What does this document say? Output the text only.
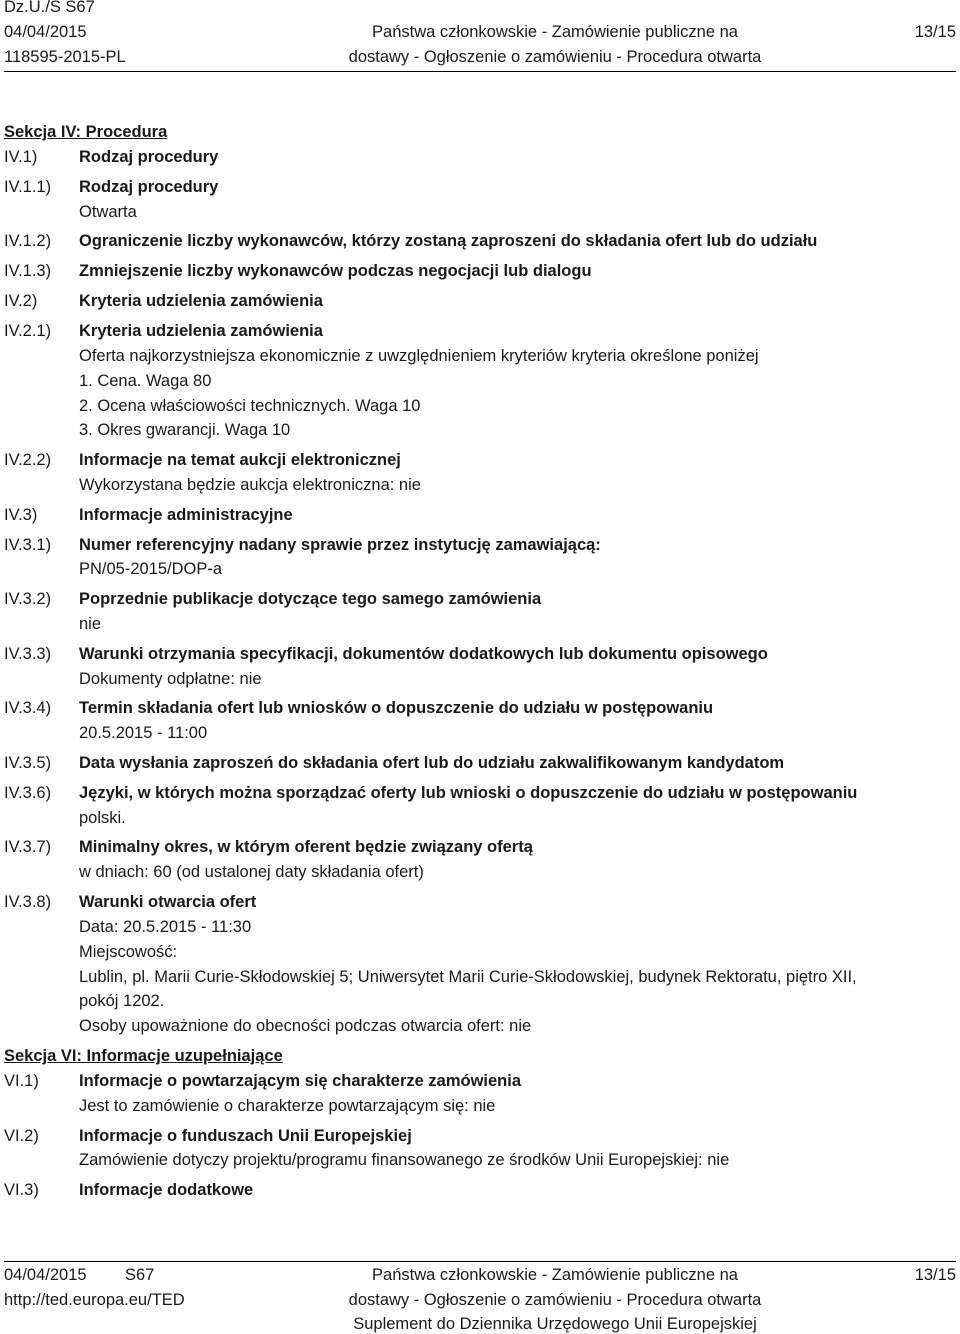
Dz.U./S S67
04/04/2015
118595-2015-PL
Państwa członkowskie - Zamówienie publiczne na
dostawy - Ogłoszenie o zamówieniu - Procedura otwarta
13/15
Sekcja IV: Procedura
IV.1)	Rodzaj procedury
IV.1.1) Rodzaj procedury
Otwarta
IV.1.2) Ograniczenie liczby wykonawców, którzy zostaną zaproszeni do składania ofert lub do udziału
IV.1.3) Zmniejszenie liczby wykonawców podczas negocjacji lub dialogu
IV.2)	Kryteria udzielenia zamówienia
IV.2.1) Kryteria udzielenia zamówienia
Oferta najkorzystniejsza ekonomicznie z uwzględnieniem kryteriów kryteria określone poniżej
1. Cena. Waga 80
2. Ocena właściowości technicznych. Waga 10
3. Okres gwarancji. Waga 10
IV.2.2) Informacje na temat aukcji elektronicznej
Wykorzystana będzie aukcja elektroniczna: nie
IV.3)	Informacje administracyjne
IV.3.1) Numer referencyjny nadany sprawie przez instytucję zamawiającą:
PN/05-2015/DOP-a
IV.3.2) Poprzednie publikacje dotyczące tego samego zamówienia
nie
IV.3.3) Warunki otrzymania specyfikacji, dokumentów dodatkowych lub dokumentu opisowego
Dokumenty odpłatne: nie
IV.3.4) Termin składania ofert lub wniosków o dopuszczenie do udziału w postępowaniu
20.5.2015 - 11:00
IV.3.5) Data wysłania zaproszeń do składania ofert lub do udziału zakwalifikowanym kandydatom
IV.3.6) Języki, w których można sporządzać oferty lub wnioski o dopuszczenie do udziału w postępowaniu
polski.
IV.3.7) Minimalny okres, w którym oferent będzie związany ofertą
w dniach: 60 (od ustalonej daty składania ofert)
IV.3.8) Warunki otwarcia ofert
Data: 20.5.2015 - 11:30
Miejscowość:
Lublin, pl. Marii Curie-Skłodowskiej 5; Uniwersytet Marii Curie-Skłodowskiej, budynek Rektoratu, piętro XII,
pokój 1202.
Osoby upoważnione do obecności podczas otwarcia ofert: nie
Sekcja VI: Informacje uzupełniające
VI.1) Informacje o powtarzającym się charakterze zamówienia
Jest to zamówienie o charakterze powtarzającym się: nie
VI.2) Informacje o funduszach Unii Europejskiej
Zamówienie dotyczy projektu/programu finansowanego ze środków Unii Europejskiej: nie
VI.3) Informacje dodatkowe
04/04/2015 S67
http://ted.europa.eu/TED
Państwa członkowskie - Zamówienie publiczne na
dostawy - Ogłoszenie o zamówieniu - Procedura otwarta
Suplement do Dziennika Urzędowego Unii Europejskiej
13/15
